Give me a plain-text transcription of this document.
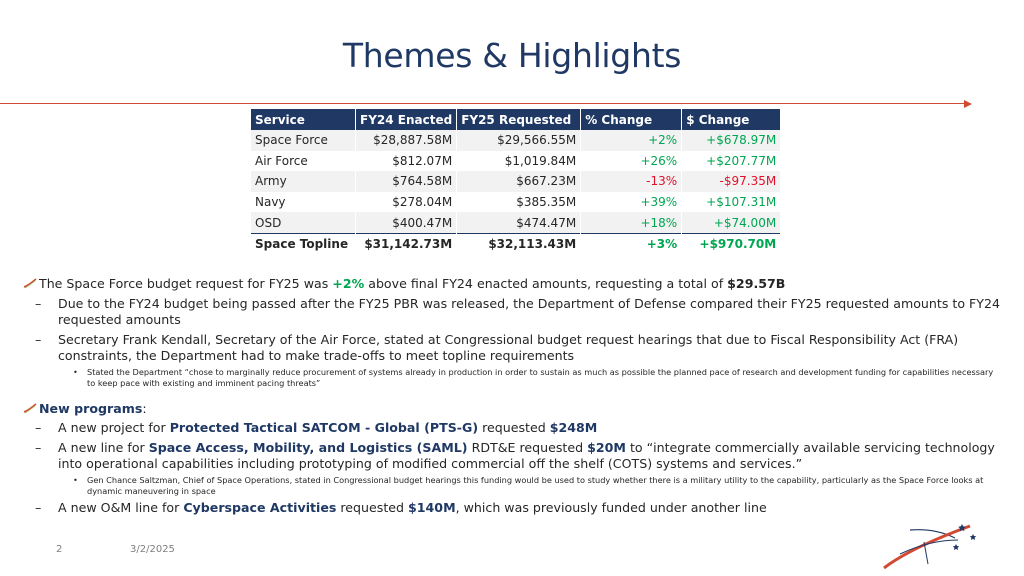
Themes & Highlights
Service	FY24 Enacted	FY25 Requested	% Change	$ Change
Space Force	$28,887.58M	$29,566.55M	+2%	+$678.97M
Air Force	$812.07M	$1,019.84M	+26%	+$207.77M
Army	$764.58M	$667.23M	-13%	-$97.35M
Navy	$278.04M	$385.35M	+39%	+$107.31M
OSD	$400.47M	$474.47M	+18%	+$74.00M
Space Topline	$31,142.73M	$32,113.43M	+3%	+$970.70M

The Space Force budget request for FY25 was +2% above final FY24 enacted amounts, requesting a total of $29.57B

– Due to the FY24 budget being passed after the FY25 PBR was released, the Department of Defense compared their FY25 requested amounts to FY24 requested amounts

– Secretary Frank Kendall, Secretary of the Air Force, stated at Congressional budget request hearings that due to Fiscal Responsibility Act (FRA) constraints, the Department had to make trade-offs to meet topline requirements

• Stated the Department “chose to marginally reduce procurement of systems already in production in order to sustain as much as possible the planned pace of research and development funding for capabilities necessary to keep pace with existing and imminent pacing threats”

New programs:

– A new project for Protected Tactical SATCOM - Global (PTS-G) requested $248M

– A new line for Space Access, Mobility, and Logistics (SAML) RDT&E requested $20M to “integrate commercially available servicing technology into operational capabilities including prototyping of modified commercial off the shelf (COTS) systems and services.”

• Gen Chance Saltzman, Chief of Space Operations, stated in Congressional budget hearings this funding would be used to study whether there is a military utility to the capability, particularly as the Space Force looks at dynamic maneuvering in space

– A new O&M line for Cyberspace Activities requested $140M, which was previously funded under another line

2	3/2/2025
